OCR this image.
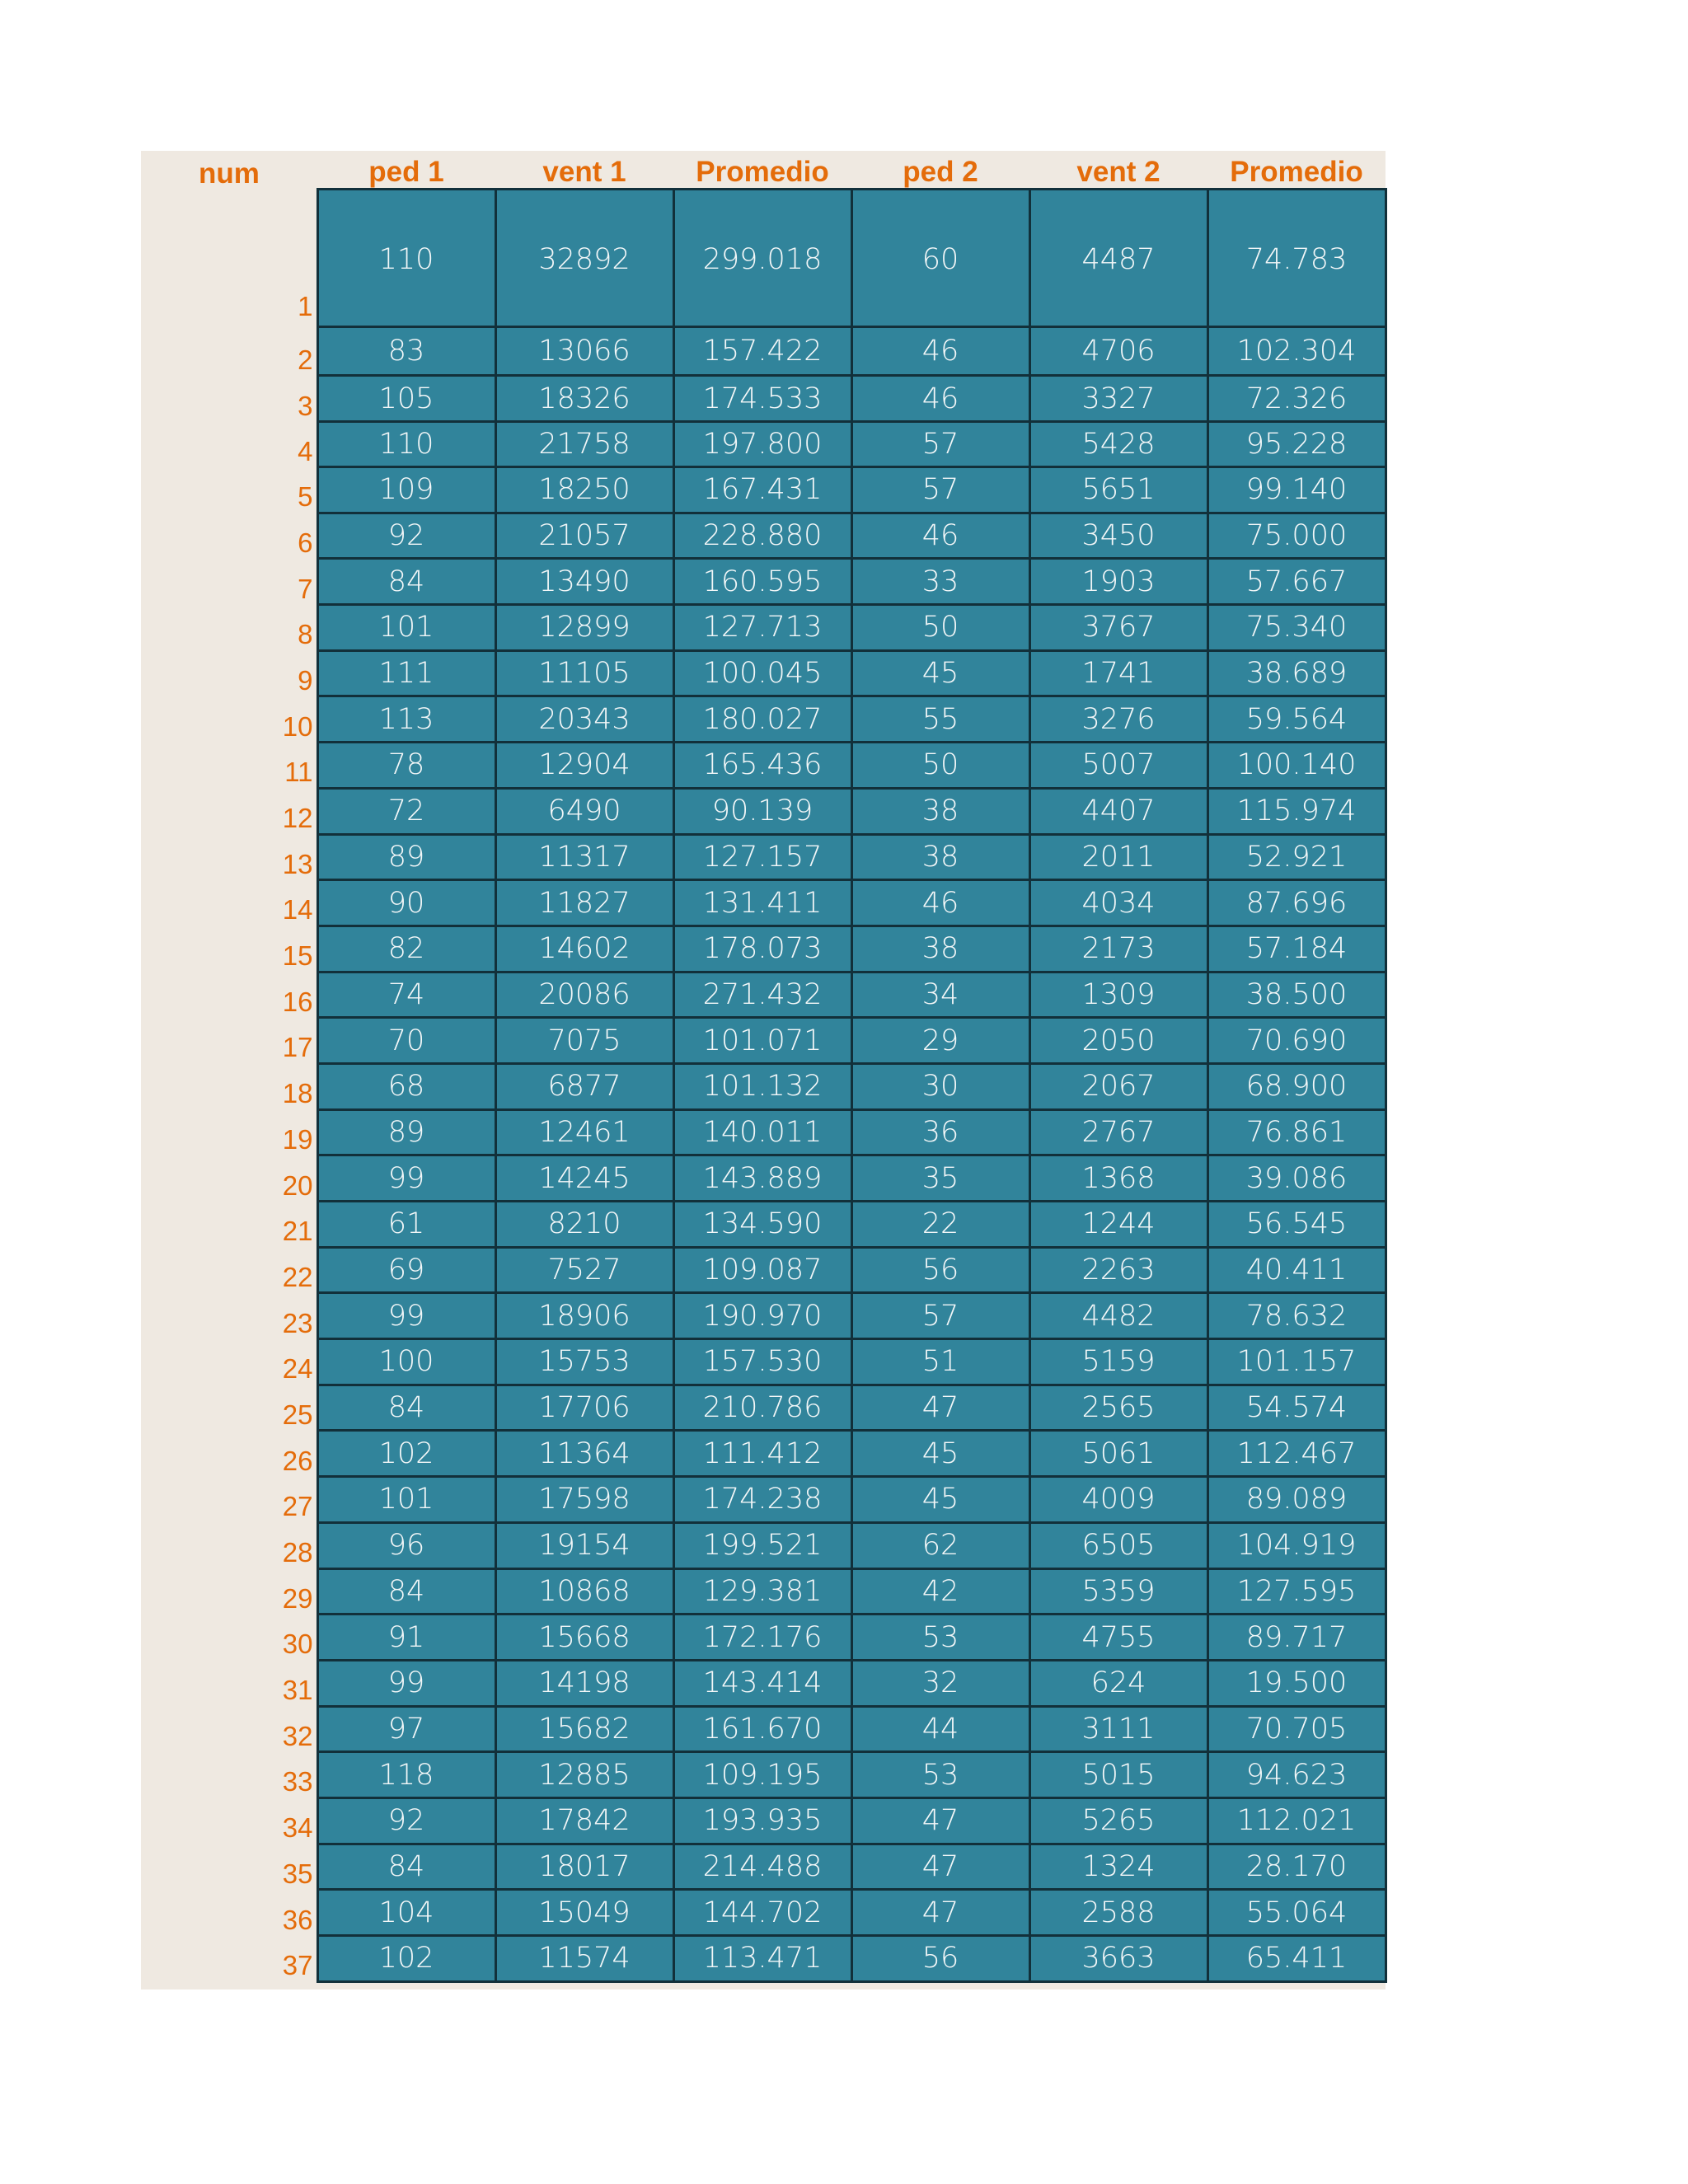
num	ped 1	vent 1	Promedio	ped 2	vent 2	Promedio
1	110	32892	299.018	60	4487	74.783
2	83	13066	157.422	46	4706	102.304
3	105	18326	174.533	46	3327	72.326
4	110	21758	197.800	57	5428	95.228
5	109	18250	167.431	57	5651	99.140
6	92	21057	228.880	46	3450	75.000
7	84	13490	160.595	33	1903	57.667
8	101	12899	127.713	50	3767	75.340
9	111	11105	100.045	45	1741	38.689
10	113	20343	180.027	55	3276	59.564
11	78	12904	165.436	50	5007	100.140
12	72	6490	90.139	38	4407	115.974
13	89	11317	127.157	38	2011	52.921
14	90	11827	131.411	46	4034	87.696
15	82	14602	178.073	38	2173	57.184
16	74	20086	271.432	34	1309	38.500
17	70	7075	101.071	29	2050	70.690
18	68	6877	101.132	30	2067	68.900
19	89	12461	140.011	36	2767	76.861
20	99	14245	143.889	35	1368	39.086
21	61	8210	134.590	22	1244	56.545
22	69	7527	109.087	56	2263	40.411
23	99	18906	190.970	57	4482	78.632
24	100	15753	157.530	51	5159	101.157
25	84	17706	210.786	47	2565	54.574
26	102	11364	111.412	45	5061	112.467
27	101	17598	174.238	45	4009	89.089
28	96	19154	199.521	62	6505	104.919
29	84	10868	129.381	42	5359	127.595
30	91	15668	172.176	53	4755	89.717
31	99	14198	143.414	32	624	19.500
32	97	15682	161.670	44	3111	70.705
33	118	12885	109.195	53	5015	94.623
34	92	17842	193.935	47	5265	112.021
35	84	18017	214.488	47	1324	28.170
36	104	15049	144.702	47	2588	55.064
37	102	11574	113.471	56	3663	65.411
